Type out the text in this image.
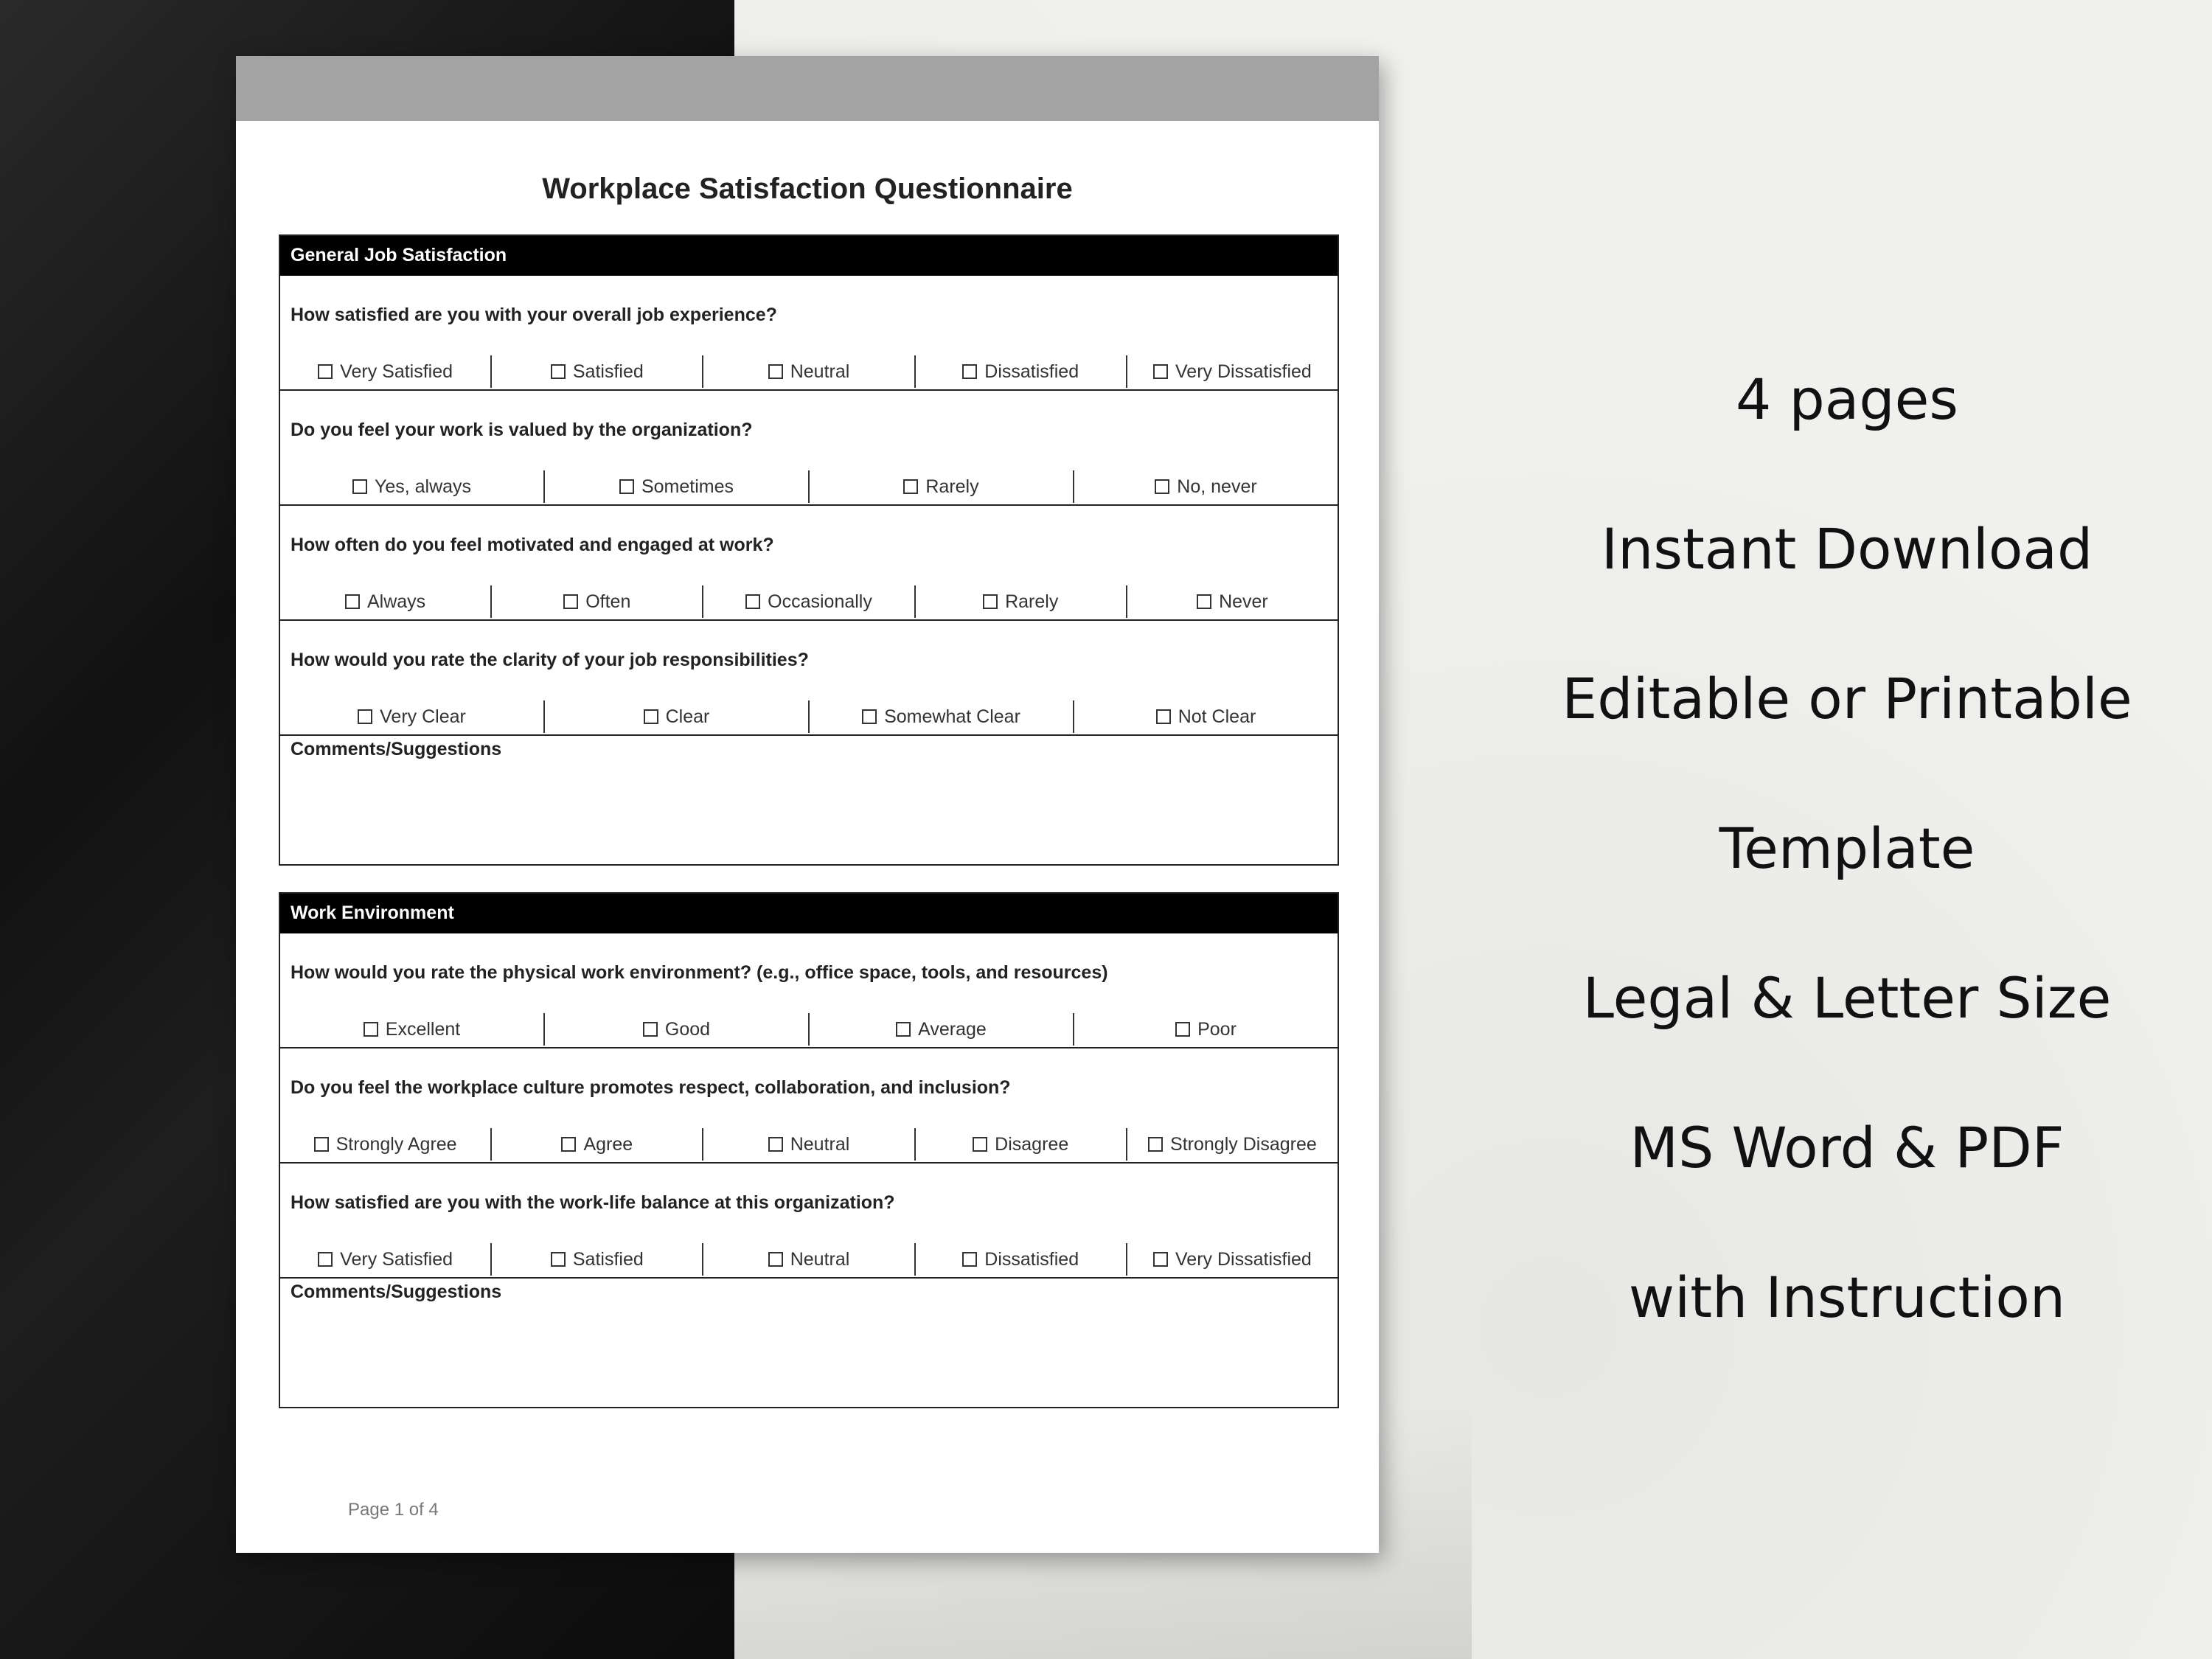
Workplace Satisfaction Questionnaire
General Job Satisfaction
How satisfied are you with your overall job experience?
Very Satisfied	Satisfied	Neutral	Dissatisfied	Very Dissatisfied
Do you feel your work is valued by the organization?
Yes, always	Sometimes	Rarely	No, never
How often do you feel motivated and engaged at work?
Always	Often	Occasionally	Rarely	Never
How would you rate the clarity of your job responsibilities?
Very Clear	Clear	Somewhat Clear	Not Clear
Comments/Suggestions
Work Environment
How would you rate the physical work environment? (e.g., office space, tools, and resources)
Excellent	Good	Average	Poor
Do you feel the workplace culture promotes respect, collaboration, and inclusion?
Strongly Agree	Agree	Neutral	Disagree	Strongly Disagree
How satisfied are you with the work-life balance at this organization?
Very Satisfied	Satisfied	Neutral	Dissatisfied	Very Dissatisfied
Comments/Suggestions
Page 1 of 4
4 pages
Instant Download
Editable or Printable
Template
Legal & Letter Size
MS Word & PDF
with Instruction
